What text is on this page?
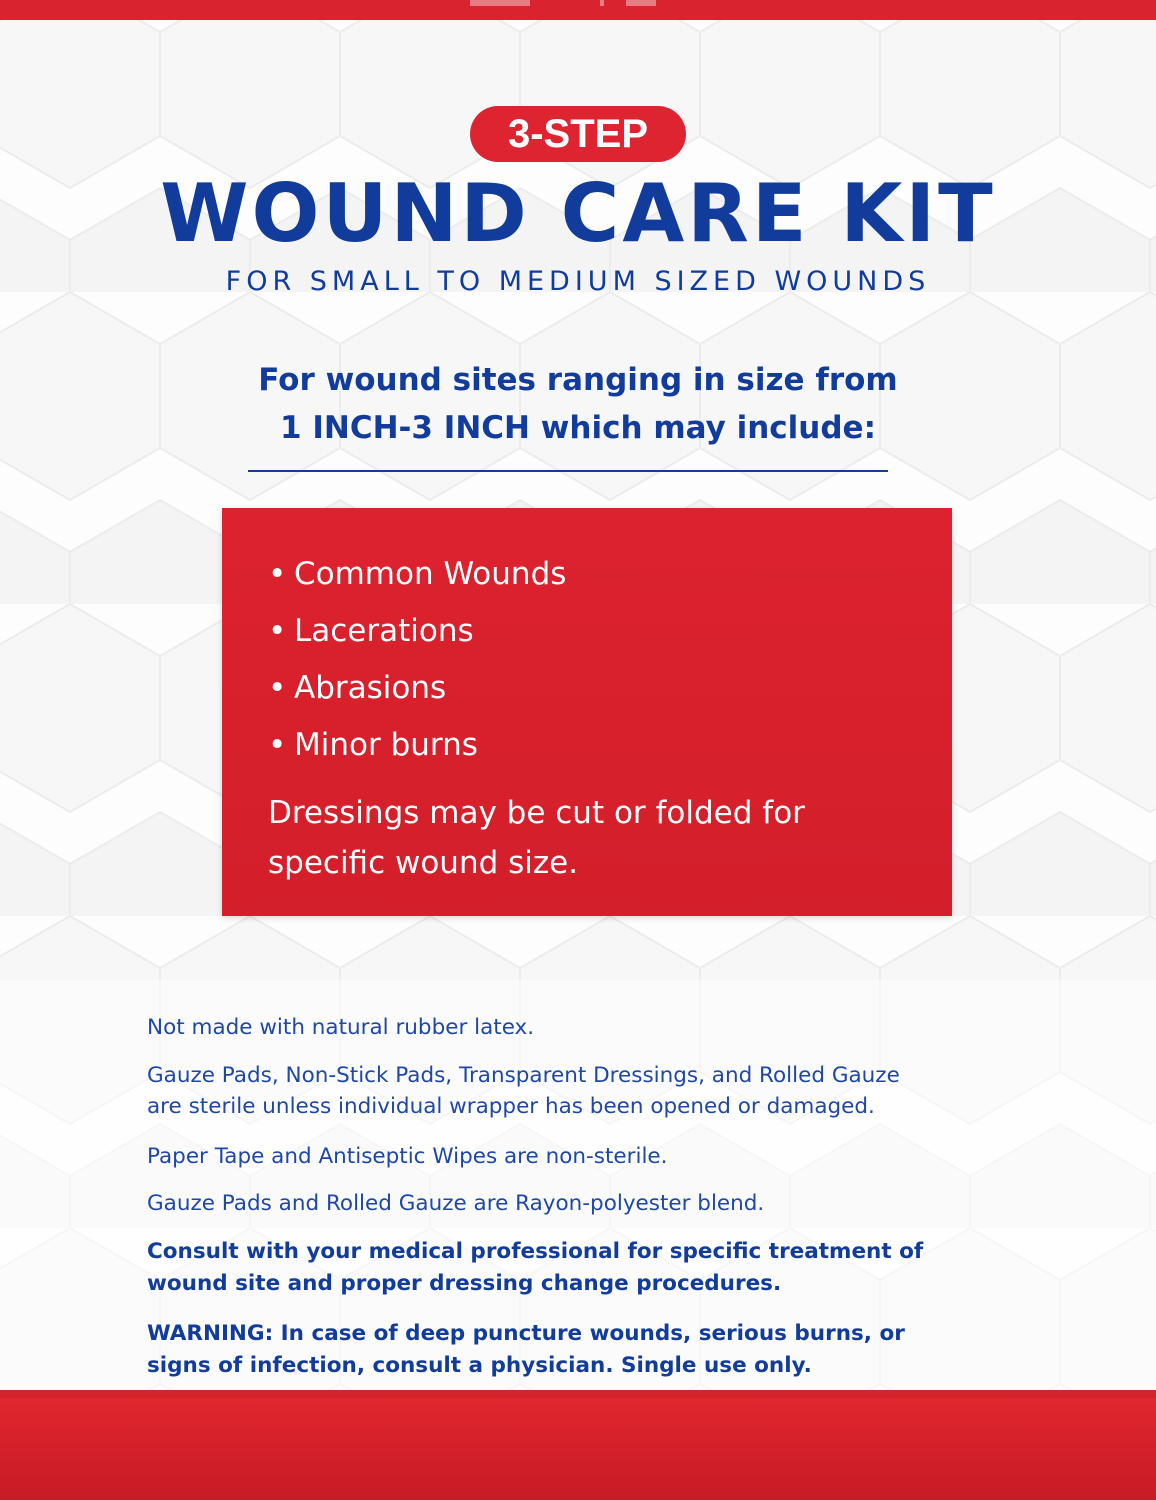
3-STEP
WOUND CARE KIT
FOR SMALL TO MEDIUM SIZED WOUNDS
For wound sites ranging in size from
1 INCH-3 INCH which may include:
• Common Wounds
• Lacerations
• Abrasions
• Minor burns
Dressings may be cut or folded for
specific wound size.
Not made with natural rubber latex.
Gauze Pads, Non-Stick Pads, Transparent Dressings, and Rolled Gauze
are sterile unless individual wrapper has been opened or damaged.
Paper Tape and Antiseptic Wipes are non-sterile.
Gauze Pads and Rolled Gauze are Rayon-polyester blend.
Consult with your medical professional for specific treatment of
wound site and proper dressing change procedures.
WARNING: In case of deep puncture wounds, serious burns, or
signs of infection, consult a physician. Single use only.
